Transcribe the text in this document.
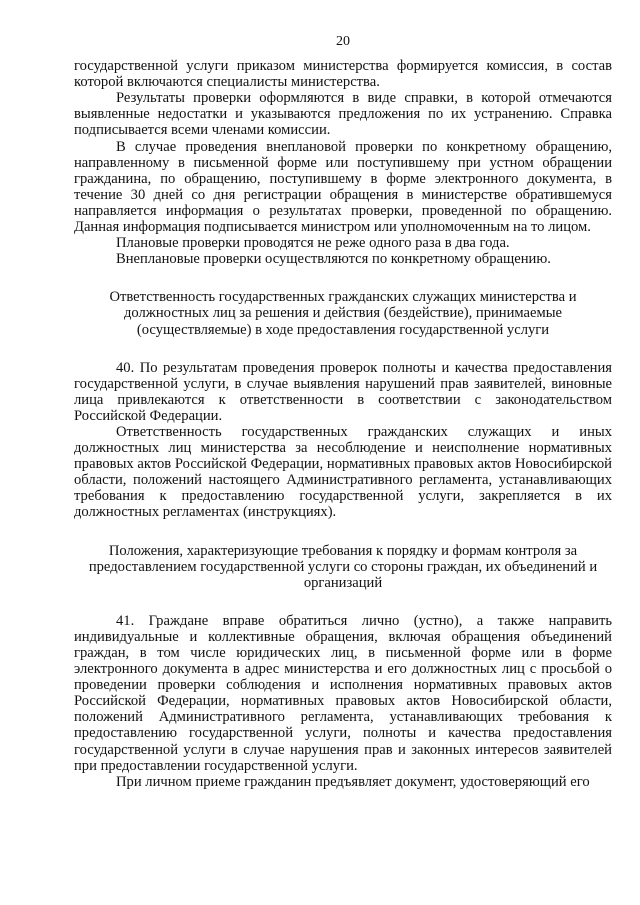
20

государственной услуги приказом министерства формируется комиссия, в состав которой включаются специалисты министерства.

Результаты проверки оформляются в виде справки, в которой отмечаются выявленные недостатки и указываются предложения по их устранению. Справка подписывается всеми членами комиссии.

В случае проведения внеплановой проверки по конкретному обращению, направленному в письменной форме или поступившему при устном обращении гражданина, по обращению, поступившему в форме электронного документа, в течение 30 дней со дня регистрации обращения в министерстве обратившемуся направляется информация о результатах проверки, проведенной по обращению. Данная информация подписывается министром или уполномоченным на то лицом.

Плановые проверки проводятся не реже одного раза в два года.

Внеплановые проверки осуществляются по конкретному обращению.

Ответственность государственных гражданских служащих министерства и должностных лиц за решения и действия (бездействие), принимаемые (осуществляемые) в ходе предоставления государственной услуги

40. По результатам проведения проверок полноты и качества предоставления государственной услуги, в случае выявления нарушений прав заявителей, виновные лица привлекаются к ответственности в соответствии с законодательством Российской Федерации.

Ответственность государственных гражданских служащих и иных должностных лиц министерства за несоблюдение и неисполнение нормативных правовых актов Российской Федерации, нормативных правовых актов Новосибирской области, положений настоящего Административного регламента, устанавливающих требования к предоставлению государственной услуги, закрепляется в их должностных регламентах (инструкциях).

Положения, характеризующие требования к порядку и формам контроля за предоставлением государственной услуги со стороны граждан, их объединений и организаций

41. Граждане вправе обратиться лично (устно), а также направить индивидуальные и коллективные обращения, включая обращения объединений граждан, в том числе юридических лиц, в письменной форме или в форме электронного документа в адрес министерства и его должностных лиц с просьбой о проведении проверки соблюдения и исполнения нормативных правовых актов Российской Федерации, нормативных правовых актов Новосибирской области, положений Административного регламента, устанавливающих требования к предоставлению государственной услуги, полноты и качества предоставления государственной услуги в случае нарушения прав и законных интересов заявителей при предоставлении государственной услуги.

При личном приеме гражданин предъявляет документ, удостоверяющий его
